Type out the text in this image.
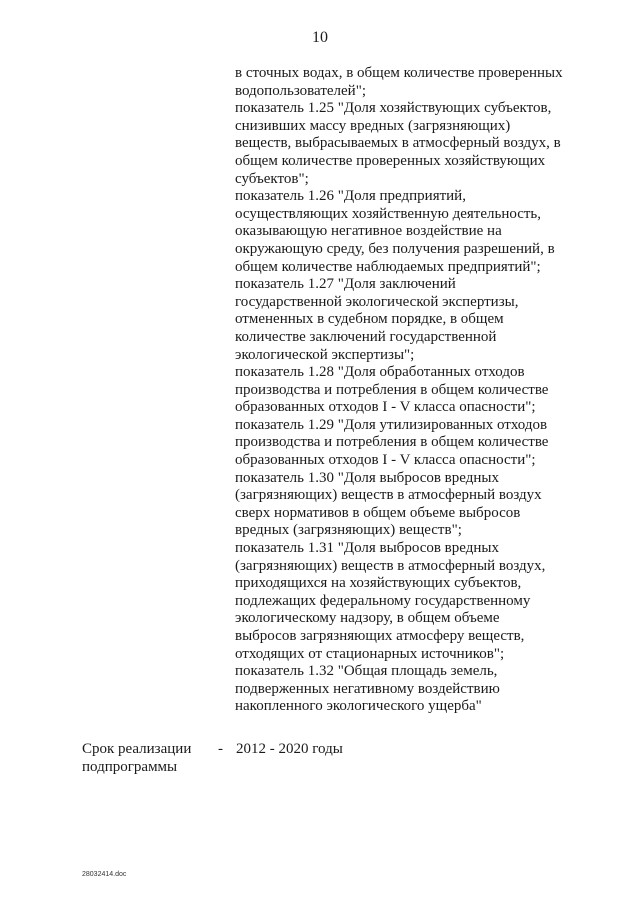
10
в сточных водах, в общем количестве проверенных
водопользователей";
показатель 1.25 "Доля хозяйствующих субъектов,
снизивших массу вредных (загрязняющих)
веществ, выбрасываемых в атмосферный воздух, в
общем количестве проверенных хозяйствующих
субъектов";
показатель 1.26 "Доля предприятий,
осуществляющих хозяйственную деятельность,
оказывающую негативное воздействие на
окружающую среду, без получения разрешений, в
общем количестве наблюдаемых предприятий";
показатель 1.27 "Доля заключений
государственной экологической экспертизы,
отмененных в судебном порядке, в общем
количестве заключений государственной
экологической экспертизы";
показатель 1.28 "Доля обработанных отходов
производства и потребления в общем количестве
образованных отходов I - V класса опасности";
показатель 1.29 "Доля утилизированных отходов
производства и потребления в общем количестве
образованных отходов I - V класса опасности";
показатель 1.30 "Доля выбросов вредных
(загрязняющих) веществ в атмосферный воздух
сверх нормативов в общем объеме выбросов
вредных (загрязняющих) веществ";
показатель 1.31 "Доля выбросов вредных
(загрязняющих) веществ в атмосферный воздух,
приходящихся на хозяйствующих субъектов,
подлежащих федеральному государственному
экологическому надзору, в общем объеме
выбросов загрязняющих атмосферу веществ,
отходящих от стационарных источников";
показатель 1.32 "Общая площадь земель,
подверженных негативному воздействию
накопленного экологического ущерба"
Срок реализации
подпрограммы
- 2012 - 2020 годы
28032414.doc
